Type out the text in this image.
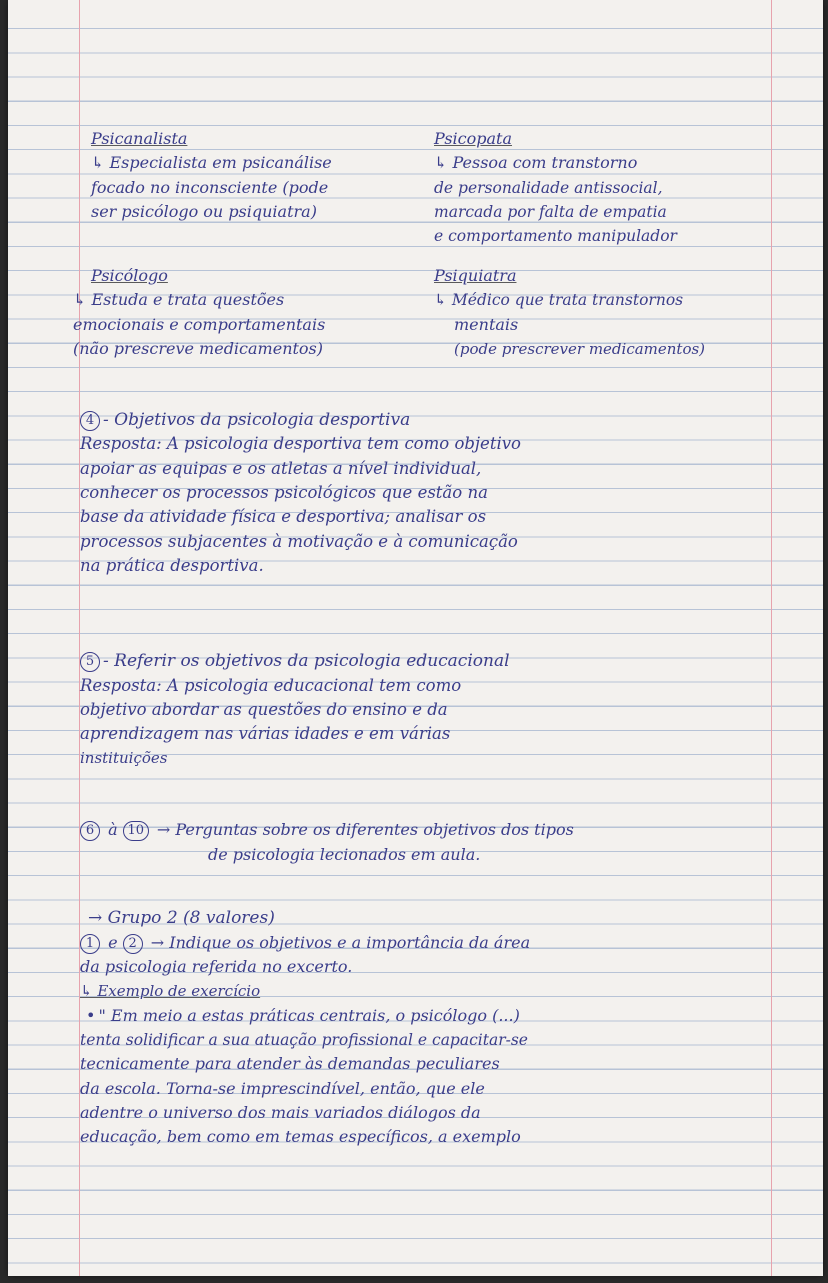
Psicanalista

↳ Especialista em psicanálise

focado no inconsciente (pode

ser psicólogo ou psiquiatra)

Psicopata

↳ Pessoa com transtorno

de personalidade antissocial,

marcada por falta de empatia

e comportamento manipulador

Psicólogo

↳ Estuda e trata questões

emocionais e comportamentais

(não prescreve medicamentos)

Psiquiatra

↳ Médico que trata transtornos

mentais

(pode prescrever medicamentos)

4 - Objetivos da psicologia desportiva

Resposta: A psicologia desportiva tem como objetivo

apoiar as equipas e os atletas a nível individual,

conhecer os processos psicológicos que estão na

base da atividade física e desportiva; analisar os

processos subjacentes à motivação e à comunicação

na prática desportiva.

5 - Referir os objetivos da psicologia educacional

Resposta: A psicologia educacional tem como

objetivo abordar as questões do ensino e da

aprendizagem nas várias idades e em várias

instituições

6 à 10 → Perguntas sobre os diferentes objetivos dos tipos

de psicologia lecionados em aula.

→ Grupo 2 (8 valores)

1 e 2 → Indique os objetivos e a importância da área

da psicologia referida no excerto.

↳ Exemplo de exercício

• " Em meio a estas práticas centrais, o psicólogo (...)

tenta solidificar a sua atuação profissional e capacitar-se

tecnicamente para atender às demandas peculiares

da escola. Torna-se imprescindível, então, que ele

adentre o universo dos mais variados diálogos da

educação, bem como em temas específicos, a exemplo
